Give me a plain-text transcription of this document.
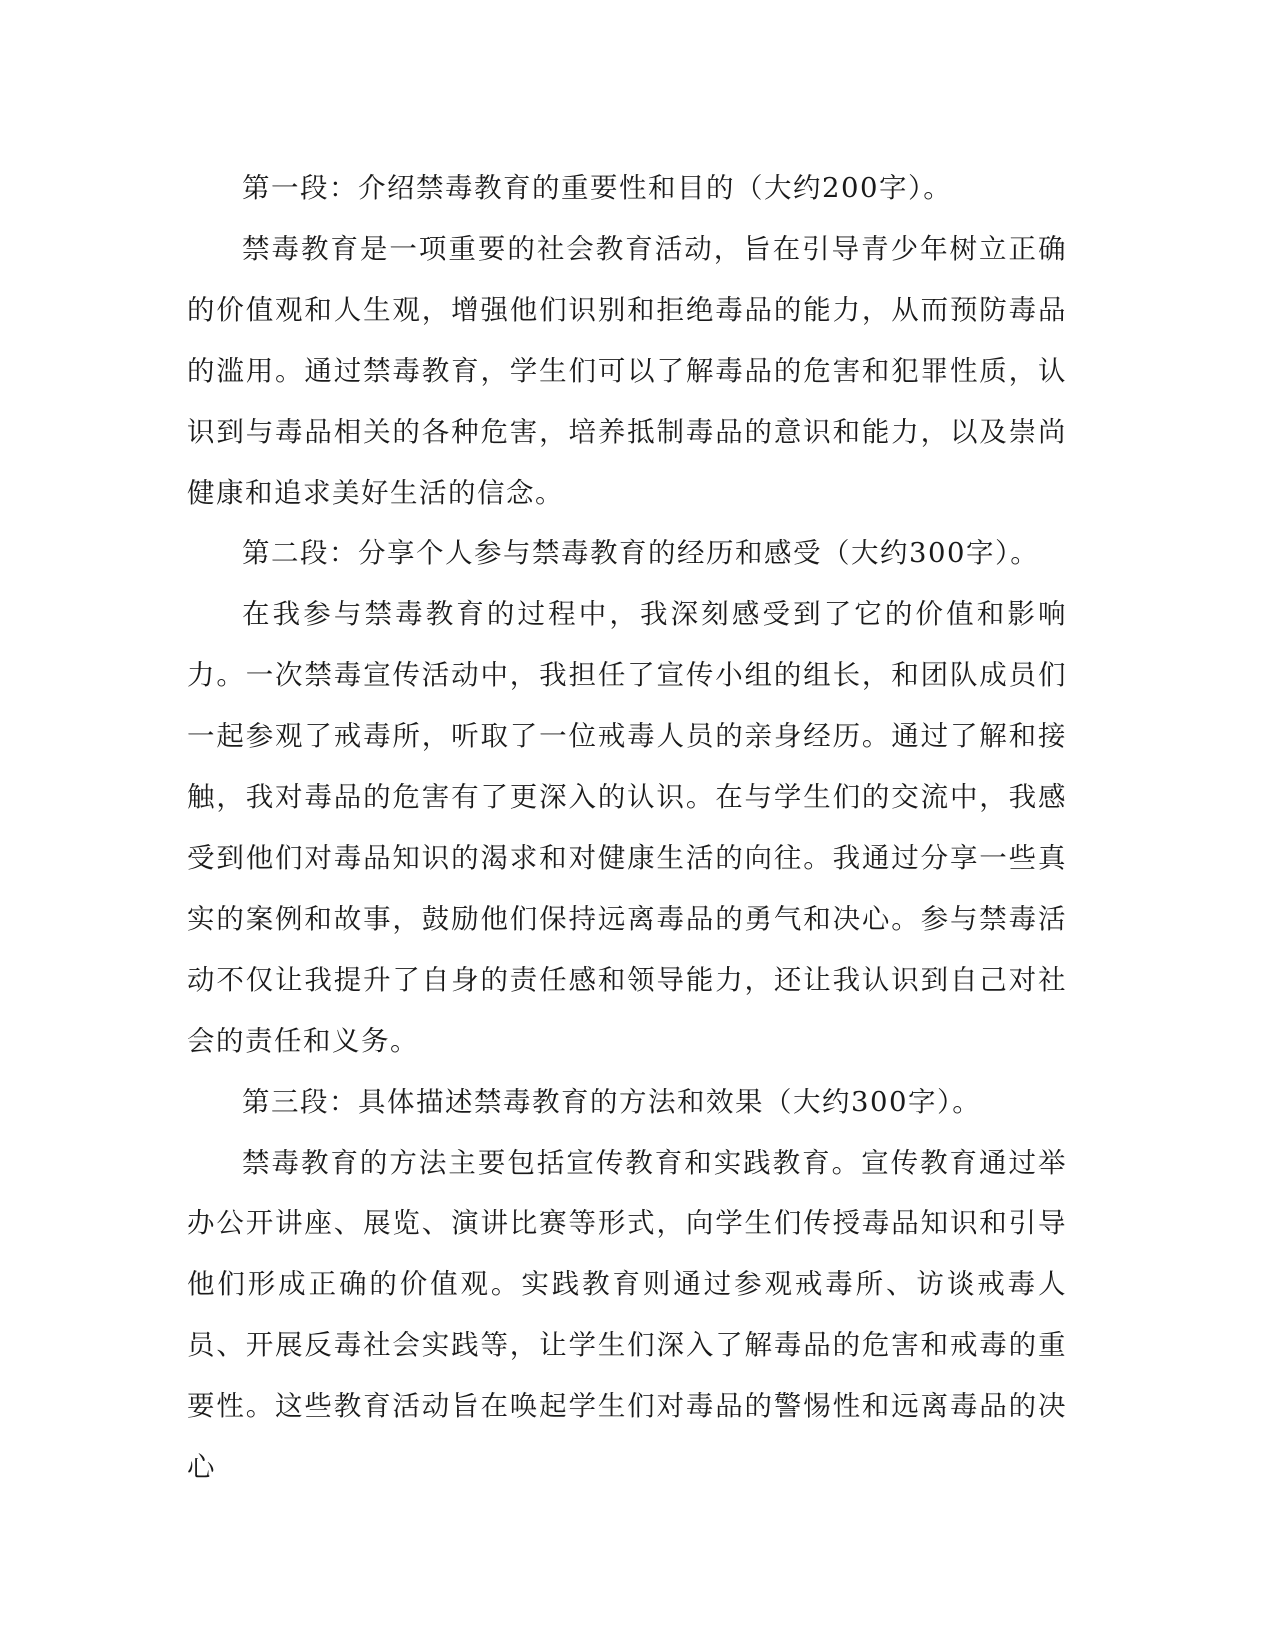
第一段：介绍禁毒教育的重要性和目的（大约200字）。

禁毒教育是一项重要的社会教育活动，旨在引导青少年树立正确的价值观和人生观，增强他们识别和拒绝毒品的能力，从而预防毒品的滥用。通过禁毒教育，学生们可以了解毒品的危害和犯罪性质，认识到与毒品相关的各种危害，培养抵制毒品的意识和能力，以及崇尚健康和追求美好生活的信念。

第二段：分享个人参与禁毒教育的经历和感受（大约300字）。

在我参与禁毒教育的过程中，我深刻感受到了它的价值和影响力。一次禁毒宣传活动中，我担任了宣传小组的组长，和团队成员们一起参观了戒毒所，听取了一位戒毒人员的亲身经历。通过了解和接触，我对毒品的危害有了更深入的认识。在与学生们的交流中，我感受到他们对毒品知识的渴求和对健康生活的向往。我通过分享一些真实的案例和故事，鼓励他们保持远离毒品的勇气和决心。参与禁毒活动不仅让我提升了自身的责任感和领导能力，还让我认识到自己对社会的责任和义务。

第三段：具体描述禁毒教育的方法和效果（大约300字）。

禁毒教育的方法主要包括宣传教育和实践教育。宣传教育通过举办公开讲座、展览、演讲比赛等形式，向学生们传授毒品知识和引导他们形成正确的价值观。实践教育则通过参观戒毒所、访谈戒毒人员、开展反毒社会实践等，让学生们深入了解毒品的危害和戒毒的重要性。这些教育活动旨在唤起学生们对毒品的警惕性和远离毒品的决心
